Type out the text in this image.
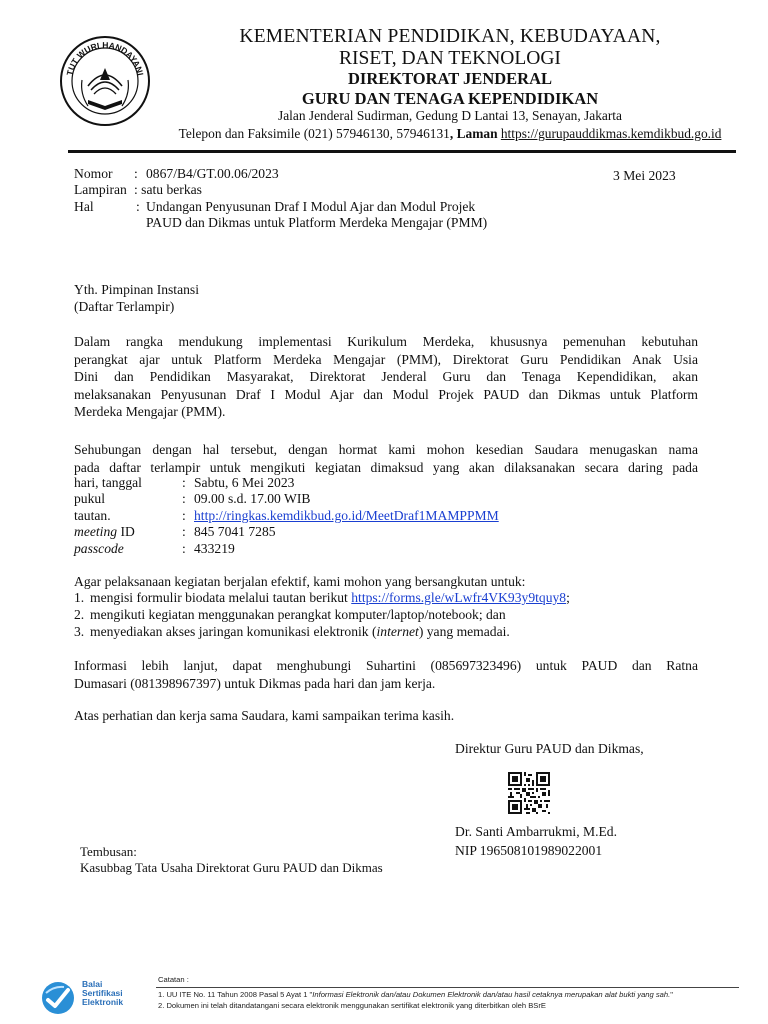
TUT WURI HANDAYANI
KEMENTERIAN PENDIDIKAN, KEBUDAYAAN,
RISET, DAN TEKNOLOGI
DIREKTORAT JENDERAL
GURU DAN TENAGA KEPENDIDIKAN
Jalan Jenderal Sudirman, Gedung D Lantai 13, Senayan, Jakarta
Telepon dan Faksimile (021) 57946130, 57946131, Laman https://gurupauddikmas.kemdikbud.go.id
Nomor : 0867/B4/GT.00.06/2023	3 Mei 2023
Lampiran : satu berkas
Hal	: Undangan Penyusunan Draf I Modul Ajar dan Modul Projek
PAUD dan Dikmas untuk Platform Merdeka Mengajar (PMM)
Yth. Pimpinan Instansi
(Daftar Terlampir)
Dalam rangka mendukung implementasi Kurikulum Merdeka, khususnya pemenuhan kebutuhan
perangkat ajar untuk Platform Merdeka Mengajar (PMM), Direktorat Guru Pendidikan Anak Usia
Dini dan Pendidikan Masyarakat, Direktorat Jenderal Guru dan Tenaga Kependidikan, akan
melaksanakan Penyusunan Draf I Modul Ajar dan Modul Projek PAUD dan Dikmas untuk Platform
Merdeka Mengajar (PMM).
Sehubungan dengan hal tersebut, dengan hormat kami mohon kesedian Saudara menugaskan nama
pada daftar terlampir untuk mengikuti kegiatan dimaksud yang akan dilaksanakan secara daring pada
hari, tanggal	: Sabtu, 6 Mei 2023
pukul	: 09.00 s.d. 17.00 WIB
tautan.	: http://ringkas.kemdikbud.go.id/MeetDraf1MAMPPMM
meeting ID	: 845 7041 7285
passcode	: 433219
Agar pelaksanaan kegiatan berjalan efektif, kami mohon yang bersangkutan untuk:
1. mengisi formulir biodata melalui tautan berikut https://forms.gle/wLwfr4VK93y9tquy8;
2. mengikuti kegiatan menggunakan perangkat komputer/laptop/notebook; dan
3. menyediakan akses jaringan komunikasi elektronik (internet) yang memadai.
Informasi lebih lanjut, dapat menghubungi Suhartini (085697323496) untuk PAUD dan Ratna
Dumasari (081398967397) untuk Dikmas pada hari dan jam kerja.
Atas perhatian dan kerja sama Saudara, kami sampaikan terima kasih.
Direktur Guru PAUD dan Dikmas,
Dr. Santi Ambarrukmi, M.Ed.
NIP 196508101989022001
Tembusan:
Kasubbag Tata Usaha Direktorat Guru PAUD dan Dikmas
Balai
Sertifikasi
Elektronik
Catatan :
1. UU ITE No. 11 Tahun 2008 Pasal 5 Ayat 1 "Informasi Elektronik dan/atau Dokumen Elektronik dan/atau hasil cetaknya merupakan alat bukti yang sah."
2. Dokumen ini telah ditandatangani secara elektronik menggunakan sertifikat elektronik yang diterbitkan oleh BSrE
